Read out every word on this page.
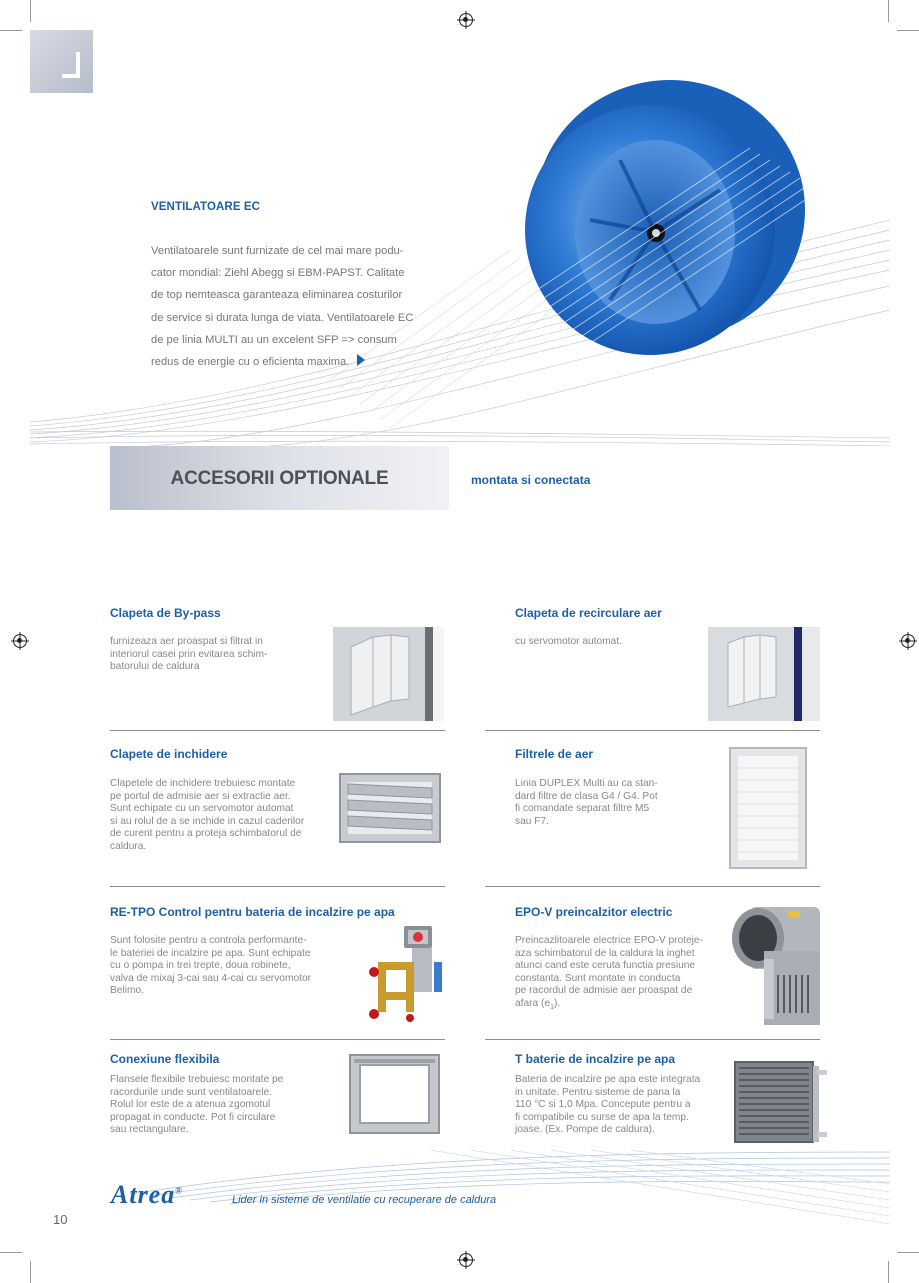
VENTILATOARE EC
Ventilatoarele sunt furnizate de cel mai mare podu-
cator mondial: Ziehl Abegg si EBM-PAPST. Calitate
de top nemteasca garanteaza eliminarea costurilor
de service si durata lunga de viata. Ventilatoarele EC
de pe linia MULTI au un excelent SFP => consum
redus de energie cu o eficienta maxima.
ACCESORII OPTIONALE	montata si conectata
Clapeta de By-pass
furnizeaza aer proaspat si filtrat in
interiorul casei prin evitarea schim-
batorului de caldura
Clapeta de recirculare aer
cu servomotor automat.
Clapete de inchidere
Clapetele de inchidere trebuiesc montate
pe portul de admisie aer si extractie aer.
Sunt echipate cu un servomotor automat
si au rolul de a se inchide in cazul caderilor
de curent pentru a proteja schimbatorul de
caldura.
Filtrele de aer
Linia DUPLEX Multi au ca stan-
dard filtre de clasa G4 / G4. Pot
fi comandate separat filtre M5
sau F7.
RE-TPO Control pentru bateria de incalzire pe apa
Sunt folosite pentru a controla performante-
le bateriei de incalzire pe apa. Sunt echipate
cu o pompa in trei trepte, doua robinete,
valva de mixaj 3-cai sau 4-cai cu servomotor
Belimo.
EPO-V preincalzitor electric
Preincazlitoarele electrice EPO-V proteje-
aza schimbatorul de la caldura la inghet
atunci cand este ceruta functia presiune
constanta. Sunt montate in conducta
pe racordul de admisie aer proaspat de
afara $(e_1)$.
Conexiune flexibila
Flansele flexibile trebuiesc montate pe
racordurile unde sunt ventilatoarele.
Rolul lor este de a atenua zgomotul
propagat in conducte. Pot fi circulare
sau rectangulare.
T baterie de incalzire pe apa
Bateria de incalzire pe apa este integrata
in unitate. Pentru sisteme de pana la
110 °C si 1,0 Mpa. Concepute pentru a
fi compatibile cu surse de apa la temp.
joase. (Ex. Pompe de caldura).
Atrea®
Lider in sisteme de ventilatie cu recuperare de caldura
10
